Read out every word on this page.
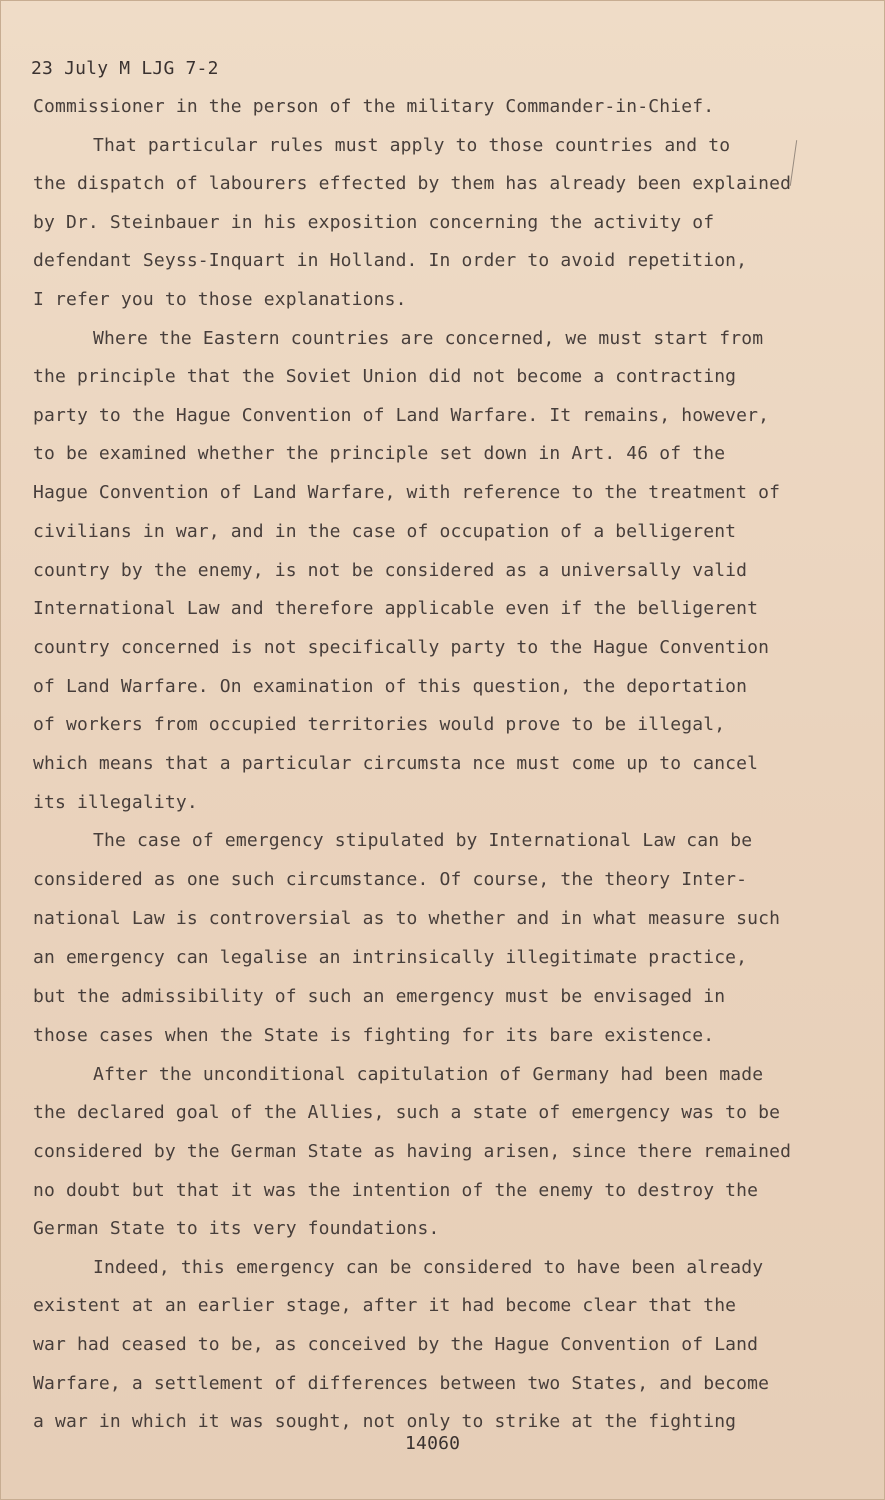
23 July M LJG 7-2
Commissioner in the person of the military Commander-in-Chief.
That particular rules must apply to those countries and to
the dispatch of labourers effected by them has already been explained
by Dr. Steinbauer in his exposition concerning the activity of
defendant Seyss-Inquart in Holland. In order to avoid repetition,
I refer you to those explanations.
Where the Eastern countries are concerned, we must start from
the principle that the Soviet Union did not become a contracting
party to the Hague Convention of Land Warfare. It remains, however,
to be examined whether the principle set down in Art. 46 of the
Hague Convention of Land Warfare, with reference to the treatment of
civilians in war, and in the case of occupation of a belligerent
country by the enemy, is not be considered as a universally valid
International Law and therefore applicable even if the belligerent
country concerned is not specifically party to the Hague Convention
of Land Warfare. On examination of this question, the deportation
of workers from occupied territories would prove to be illegal,
which means that a particular circumsta nce must come up to cancel
its illegality.
The case of emergency stipulated by International Law can be
considered as one such circumstance. Of course, the theory Inter-
national Law is controversial as to whether and in what measure such
an emergency can legalise an intrinsically illegitimate practice,
but the admissibility of such an emergency must be envisaged in
those cases when the State is fighting for its bare existence.
After the unconditional capitulation of Germany had been made
the declared goal of the Allies, such a state of emergency was to be
considered by the German State as having arisen, since there remained
no doubt but that it was the intention of the enemy to destroy the
German State to its very foundations.
Indeed, this emergency can be considered to have been already
existent at an earlier stage, after it had become clear that the
war had ceased to be, as conceived by the Hague Convention of Land
Warfare, a settlement of differences between two States, and become
a war in which it was sought, not only to strike at the fighting
14060
